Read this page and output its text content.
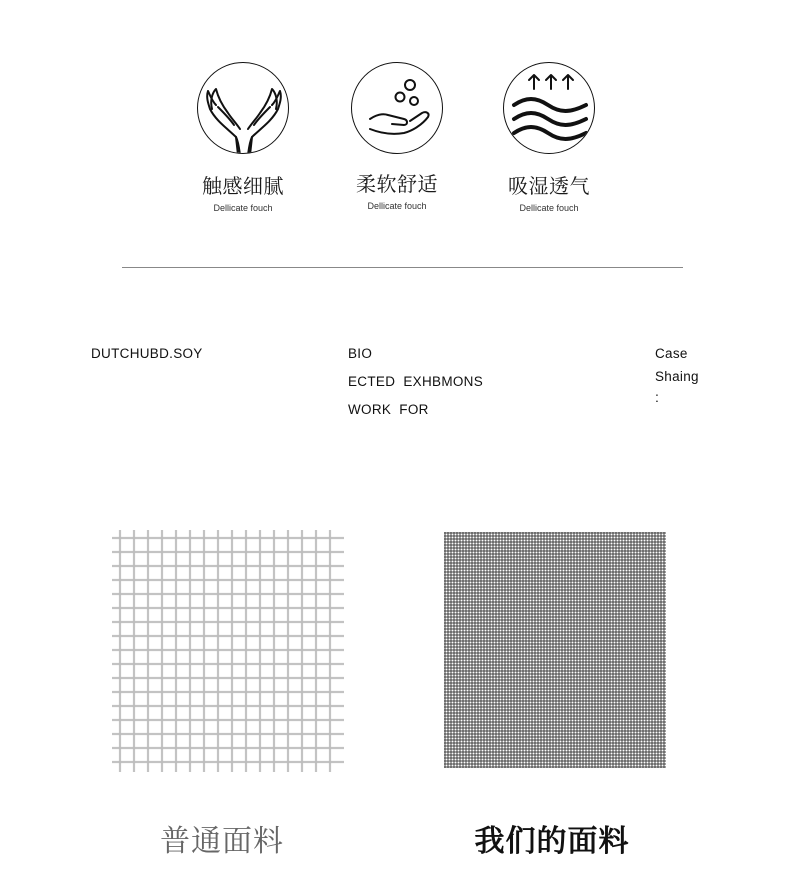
触感细腻
Dellicate fouch
柔软舒适
Dellicate fouch
吸湿透气
Dellicate fouch
DUTCHUBD.SOY	BIO
ECTED  EXHBMONS
WORK  FOR
Case
Shaing
:
普通面料	我们的面料
